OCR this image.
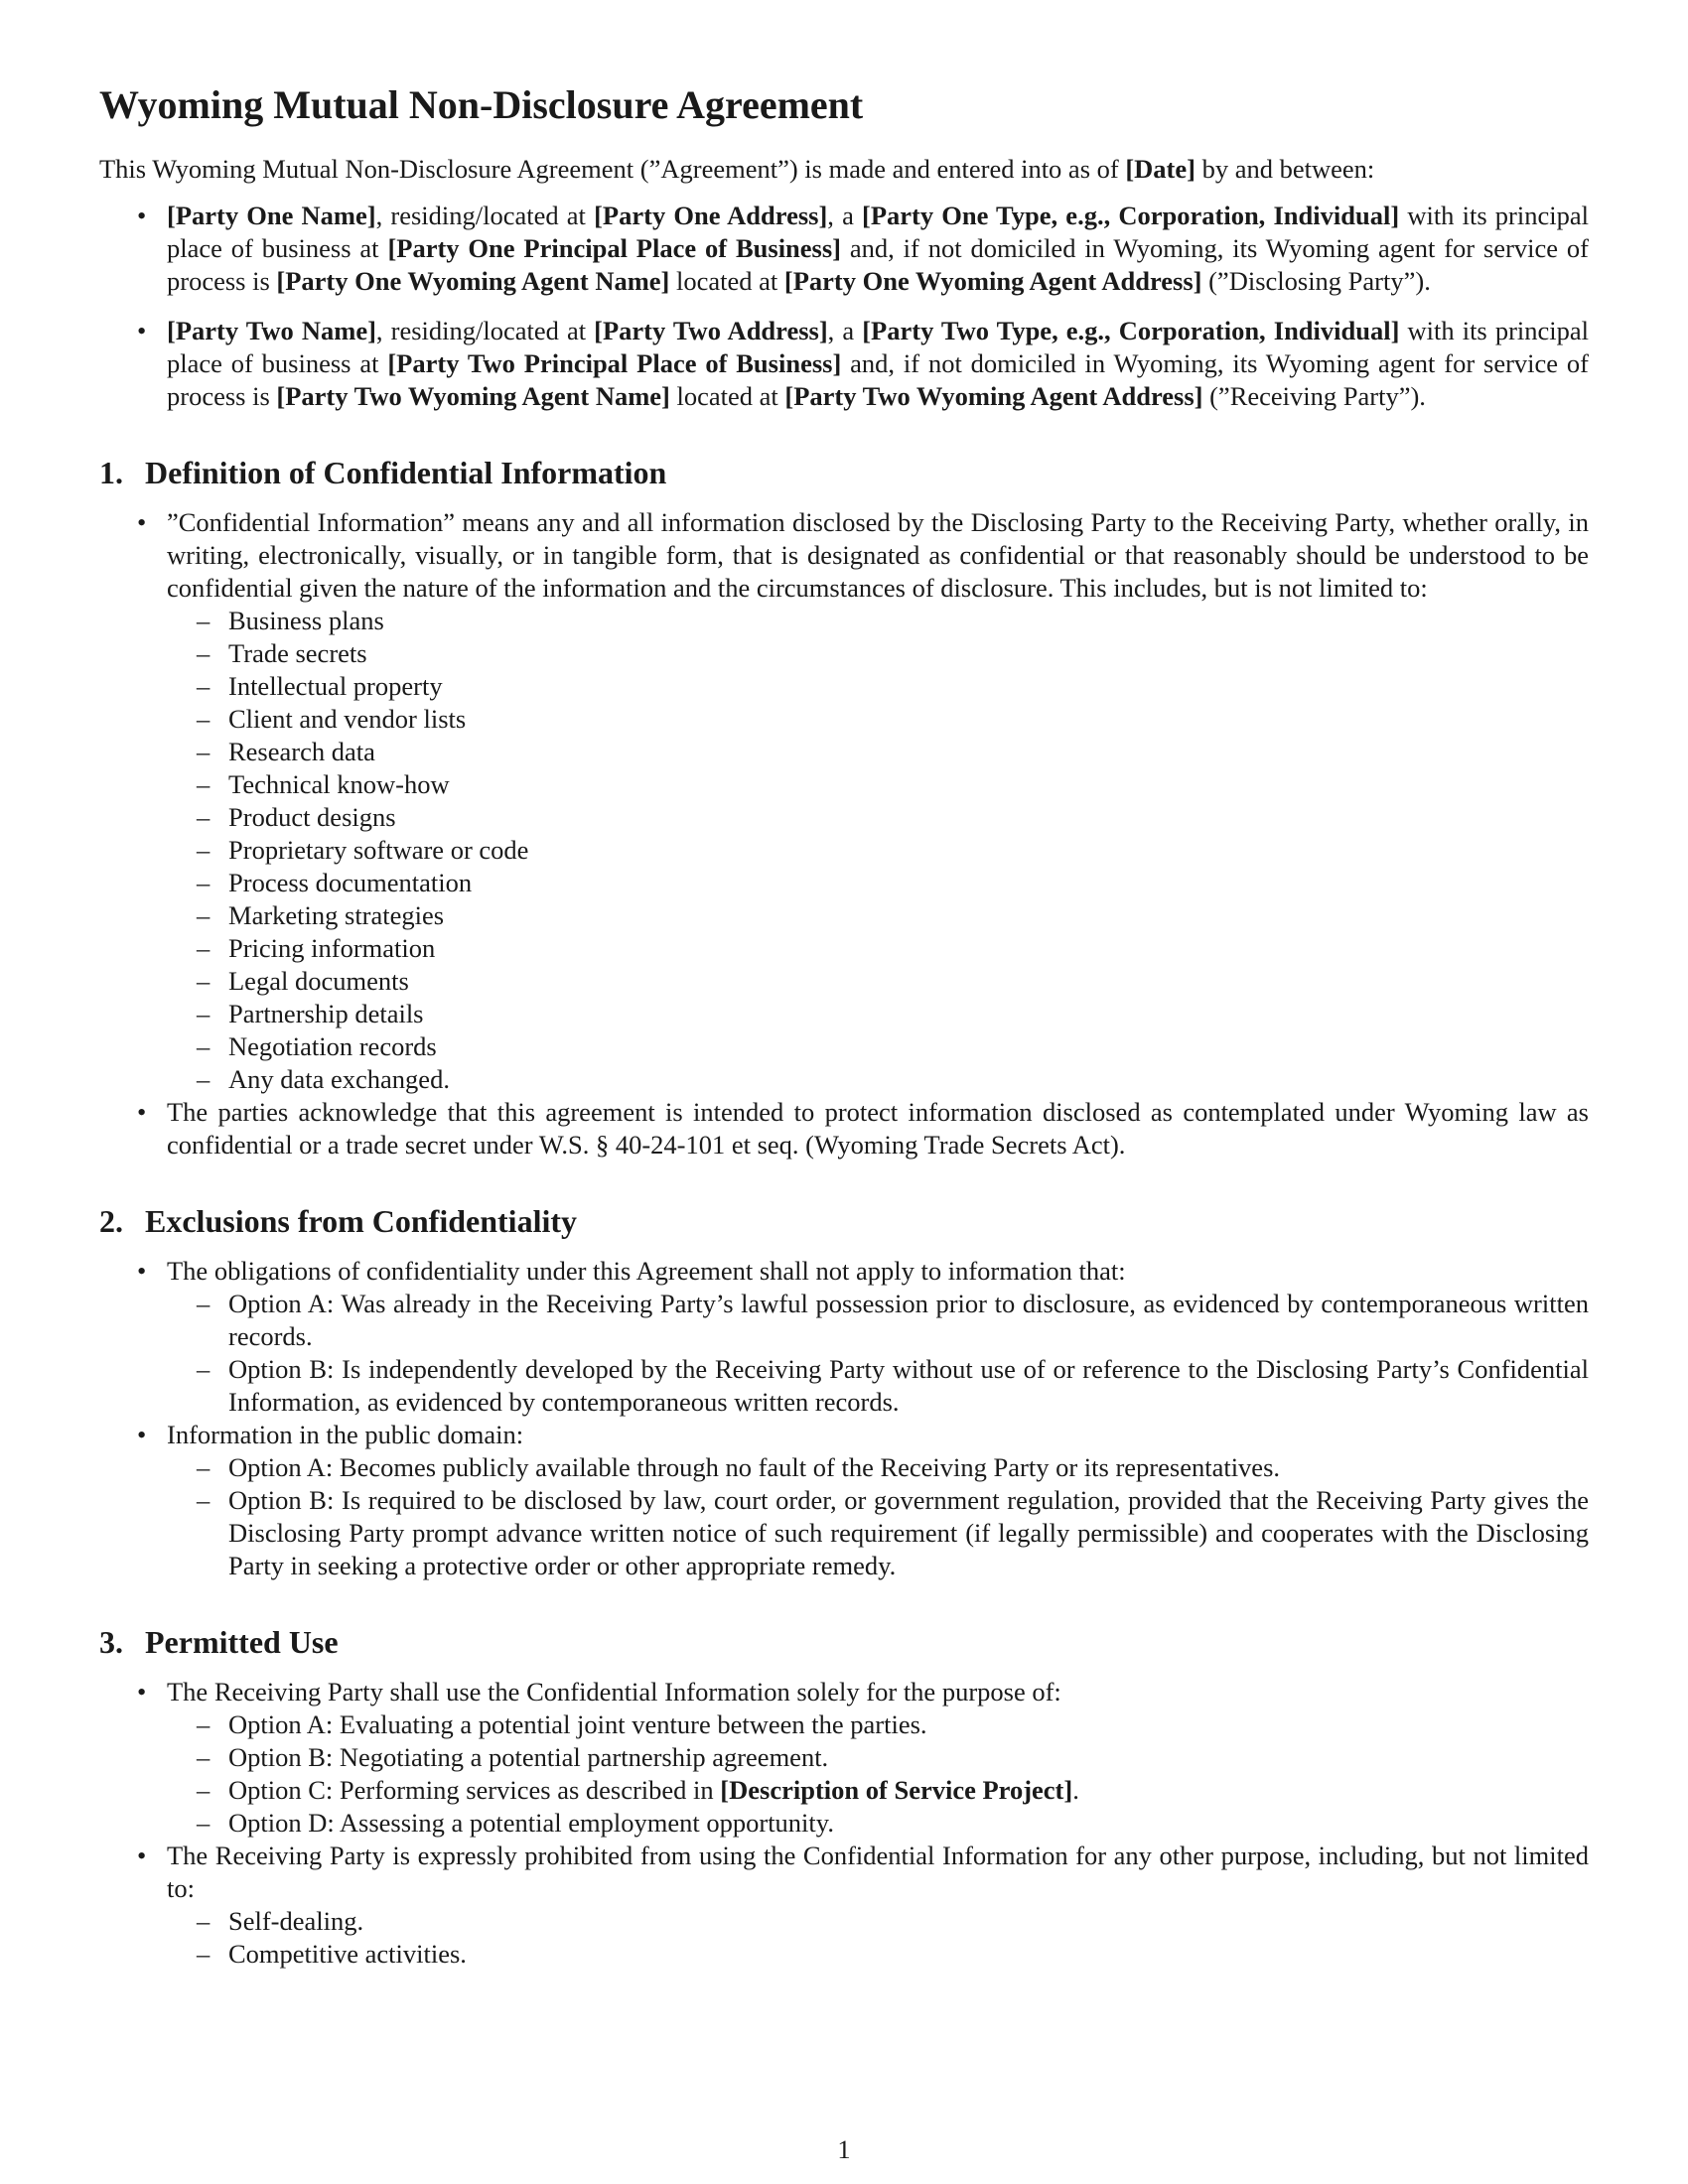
Wyoming Mutual Non-Disclosure Agreement

This Wyoming Mutual Non-Disclosure Agreement (”Agreement”) is made and entered into as of [Date] by and between:

• [Party One Name], residing/located at [Party One Address], a [Party One Type, e.g., Corporation, Individual] with its principal place of business at [Party One Principal Place of Business] and, if not domiciled in Wyoming, its Wyoming agent for service of process is [Party One Wyoming Agent Name] located at [Party One Wyoming Agent Address] (”Disclosing Party”).
• [Party Two Name], residing/located at [Party Two Address], a [Party Two Type, e.g., Corporation, Individual] with its principal place of business at [Party Two Principal Place of Business] and, if not domiciled in Wyoming, its Wyoming agent for service of process is [Party Two Wyoming Agent Name] located at [Party Two Wyoming Agent Address] (”Receiving Party”).
1. Definition of Confidential Information
• ”Confidential Information” means any and all information disclosed by the Disclosing Party to the Receiving Party, whether orally, in writing, electronically, visually, or in tangible form, that is designated as confidential or that reasonably should be understood to be confidential given the nature of the information and the circumstances of disclosure. This includes, but is not limited to:
– Business plans
– Trade secrets
– Intellectual property
– Client and vendor lists
– Research data
– Technical know-how
– Product designs
– Proprietary software or code
– Process documentation
– Marketing strategies
– Pricing information
– Legal documents
– Partnership details
– Negotiation records
– Any data exchanged.
• The parties acknowledge that this agreement is intended to protect information disclosed as contemplated under Wyoming law as confidential or a trade secret under W.S. § 40-24-101 et seq. (Wyoming Trade Secrets Act).
2. Exclusions from Confidentiality
• The obligations of confidentiality under this Agreement shall not apply to information that:
– Option A: Was already in the Receiving Party’s lawful possession prior to disclosure, as evidenced by contemporaneous written records.
– Option B: Is independently developed by the Receiving Party without use of or reference to the Disclosing Party’s Confidential Information, as evidenced by contemporaneous written records.
• Information in the public domain:
– Option A: Becomes publicly available through no fault of the Receiving Party or its representatives.
– Option B: Is required to be disclosed by law, court order, or government regulation, provided that the Receiving Party gives the Disclosing Party prompt advance written notice of such requirement (if legally permissible) and cooperates with the Disclosing Party in seeking a protective order or other appropriate remedy.
3. Permitted Use
• The Receiving Party shall use the Confidential Information solely for the purpose of:
– Option A: Evaluating a potential joint venture between the parties.
– Option B: Negotiating a potential partnership agreement.
– Option C: Performing services as described in [Description of Service Project].
– Option D: Assessing a potential employment opportunity.
• The Receiving Party is expressly prohibited from using the Confidential Information for any other purpose, including, but not limited to:
– Self-dealing.
– Competitive activities.
1
